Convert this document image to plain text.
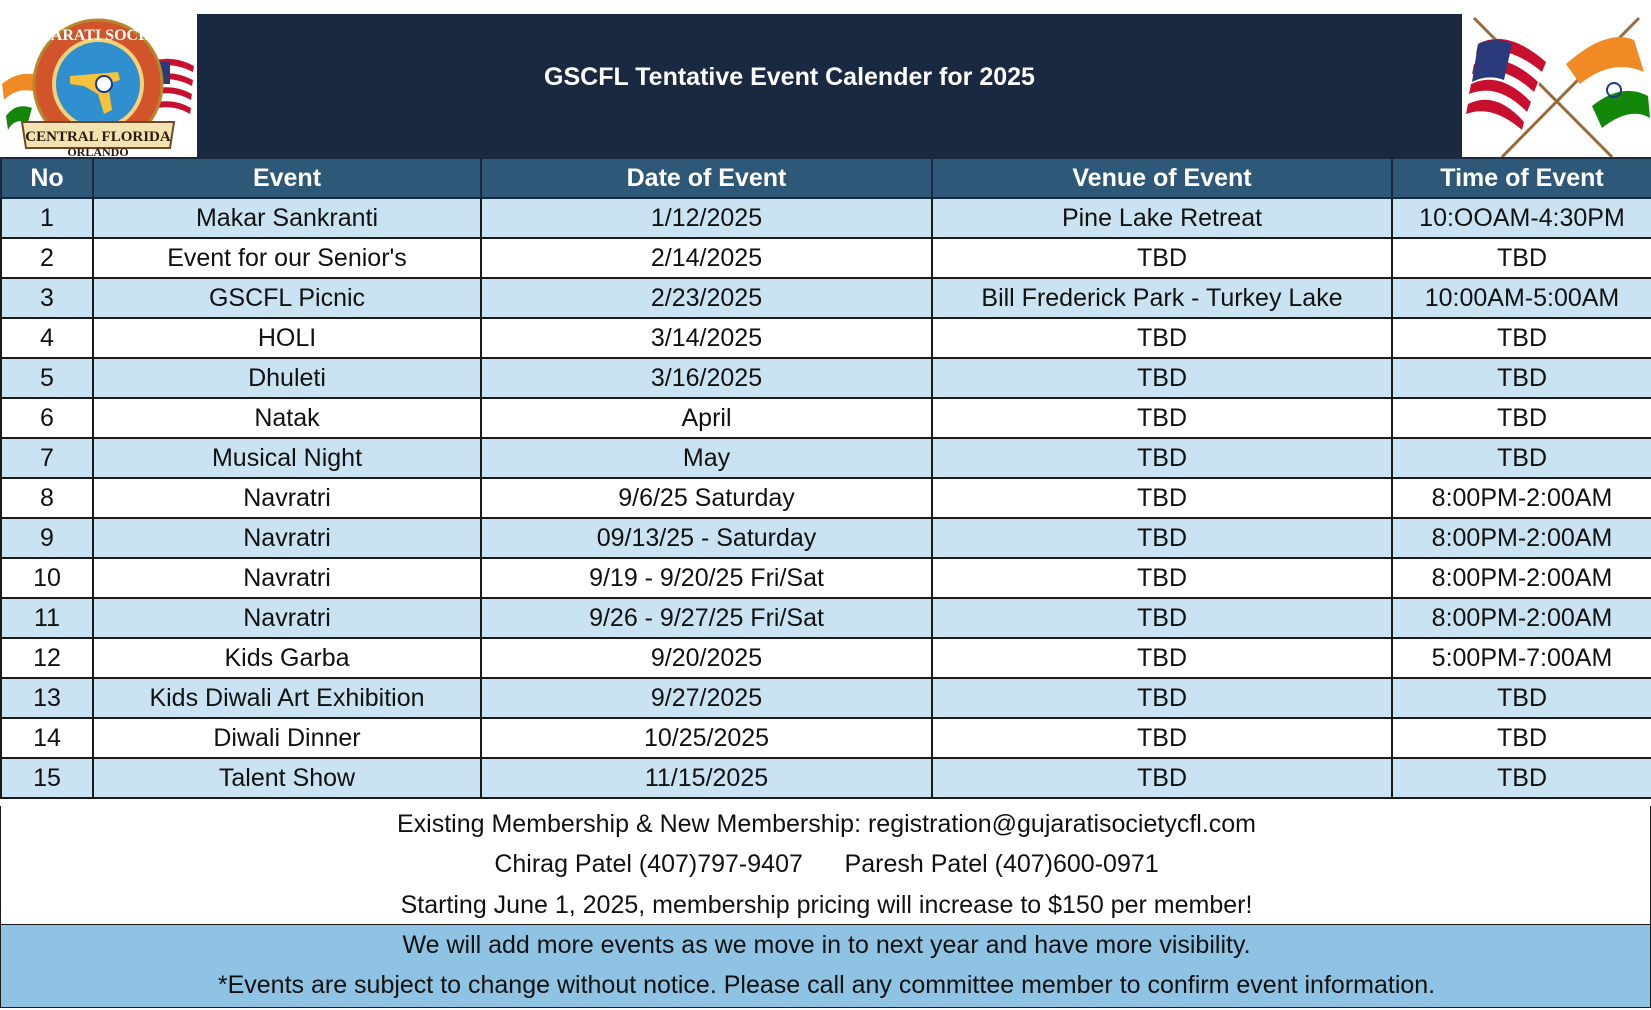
GUJARATI SOCIETY
CENTRAL FLORIDA
ORLANDO
GSCFL Tentative Event Calender for 2025
No	Event	Date of Event	Venue of Event	Time of Event
1	Makar Sankranti	1/12/2025	Pine Lake Retreat	10:OOAM-4:30PM
2	Event for our Senior's	2/14/2025	TBD	TBD
3	GSCFL Picnic	2/23/2025	Bill Frederick Park - Turkey Lake	10:00AM-5:00AM
4	HOLI	3/14/2025	TBD	TBD
5	Dhuleti	3/16/2025	TBD	TBD
6	Natak	April	TBD	TBD
7	Musical Night	May	TBD	TBD
8	Navratri	9/6/25 Saturday	TBD	8:00PM-2:00AM
9	Navratri	09/13/25 - Saturday	TBD	8:00PM-2:00AM
10	Navratri	9/19 - 9/20/25 Fri/Sat	TBD	8:00PM-2:00AM
11	Navratri	9/26 - 9/27/25 Fri/Sat	TBD	8:00PM-2:00AM
12	Kids Garba	9/20/2025	TBD	5:00PM-7:00AM
13	Kids Diwali Art Exhibition	9/27/2025	TBD	TBD
14	Diwali Dinner	10/25/2025	TBD	TBD
15	Talent Show	11/15/2025	TBD	TBD
Existing Membership & New Membership: registration@gujaratisocietycfl.com
Chirag Patel (407)797-9407      Paresh Patel (407)600-0971
Starting June 1, 2025, membership pricing will increase to $150 per member!
We will add more events as we move in to next year and have more visibility.
*Events are subject to change without notice. Please call any committee member to confirm event information.
